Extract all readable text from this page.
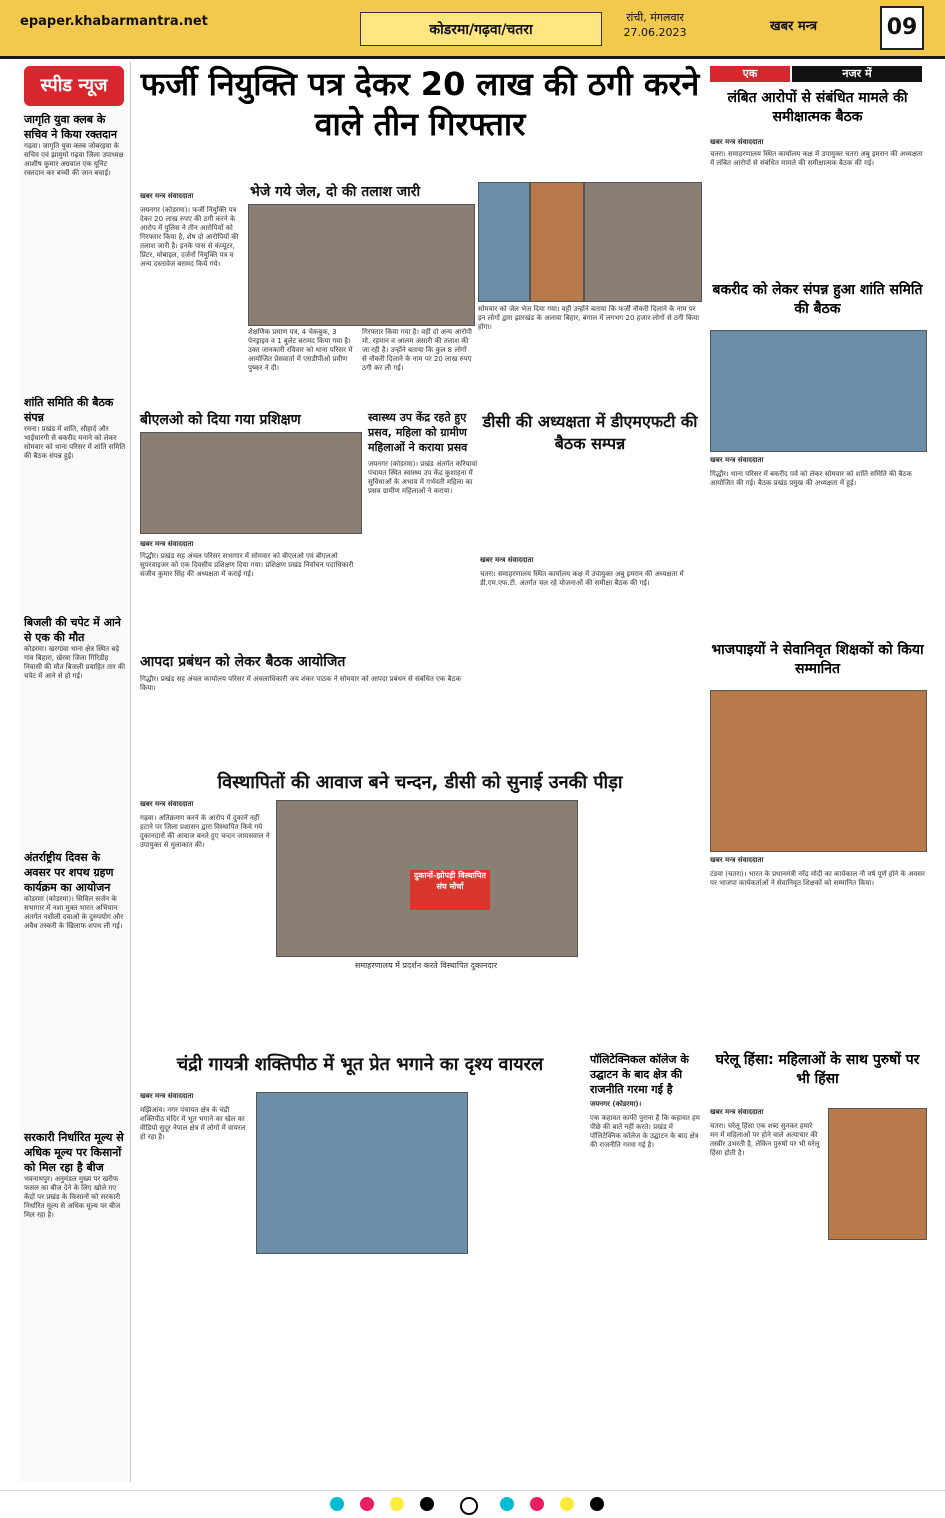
epaper.khabarmantra.net	कोडरमा/गढ़वा/चतरा
रांची, मंगलवार
27.06.2023	खबर मन्त्र	09
स्पीड न्यूज
जागृति युवा क्लब के सचिव ने किया रक्तदान
गढ़वा। जागृति युवा क्लब जोबरइया के सचिव एवं झामुमो गढ़वा जिला उपाध्यक्ष आशीष कुमार अग्रवाल एक यूनिट रक्तदान कर बच्ची की जान बचाई।
शांति समिति की बैठक संपन्न
रमना। प्रखंड में शांति, सौहार्द और भाईचारगी से बकरीद मनाने को लेकर सोमवार को थाना परिसर में शांति समिति की बैठक संपन्न हुई।
बिजली की चपेट में आने से एक की मौत
कोडरमा। खरगांवा थाना क्षेत्र स्थित बड़े गांव बिहारा, खेरवा जिला गिरिडीह निवासी की मौत बिजली प्रवाहित तार की चपेट में आने से हो गई।
अंतर्राष्ट्रीय दिवस के अवसर पर शपथ ग्रहण कार्यक्रम का आयोजन
कोडरमा (कोडरमा)। सिविल सर्जन के सभागार में नशा मुक्त भारत अभियान अंतर्गत नशीली दवाओं के दुरुपयोग और अवैध तस्करी के खिलाफ शपथ ली गई।
सरकारी निर्धारित मूल्य से अधिक मूल्य पर किसानों को मिल रहा है बीज
भवनाथपुर। अनुमंडल मुख्य पर खरीफ फसल का बीज देने के लिए खोले गए केंद्रों पर प्रखंड के किसानों को सरकारी निर्धारित मूल्य से अधिक मूल्य पर बीज मिल रहा है।
फर्जी नियुक्ति पत्र देकर 20 लाख की ठगी करने वाले तीन गिरफ्तार
भेजे गये जेल, दो की तलाश जारी
खबर मन्त्र संवाददाता
जयनगर (कोडरमा)। फर्जी नियुक्ति पत्र देकर 20 लाख रुपए की ठगी करने के आरोप में पुलिस ने तीन आरोपियों को गिरफ्तार किया है, शेष दो आरोपियों की तलाश जारी है। इनके पास से कंप्यूटर, प्रिंटर, मोबाइल, दर्जनों नियुक्ति पत्र व अन्य दस्तावेज बरामद किये गये।
शैक्षणिक प्रमाण पत्र, 4 चेकबुक, 3 पेनड्राइव व 1 बुलेट बरामद किया गया है। उक्त जानकारी रविवार को थाना परिसर में आयोजित प्रेसवार्ता में एसडीपीओ प्रवीण पुष्कर ने दी।
गिरफ्तार किया गया है। वहीं दो अन्य आरोपी मो. रहमान व आलम अंसारी की तलाश की जा रही है। उन्होंने बताया कि कुल 8 लोगों से नौकरी दिलाने के नाम पर 20 लाख रुपए ठगी कर ली गई।
सोमवार को जेल भेज दिया गया। वहीं उन्होंने बताया कि फर्जी नौकरी दिलाने के नाम पर इन लोगों द्वारा झारखंड के अलावा बिहार, बंगाल में लगभग 20 हजार लोगों से ठगी किया होगा।
बीएलओ को दिया गया प्रशिक्षण
खबर मन्त्र संवाददाता
गिद्धौर। प्रखंड सह अंचल परिसर सभागार में सोमवार को बीएलओ एवं बीएलओ सुपरवाइजर को एक दिवसीय प्रशिक्षण दिया गया। प्रशिक्षण प्रखंड निर्वाचन पदाधिकारी संजीव कुमार सिंह की अध्यक्षता में कराई गई।
आपदा प्रबंधन को लेकर बैठक आयोजित
गिद्धौर। प्रखंड सह अंचल कार्यालय परिसर में अंचलाधिकारी जय शंकर पाठक ने सोमवार को आपदा प्रबंधन से संबंधित एक बैठक किया।
स्वास्थ्य उप केंद्र रहते हुए प्रसव, महिला को ग्रामीण महिलाओं ने कराया प्रसव
जयनगर (कोडरमा)। प्रखंड अंतर्गत करियावां पंचायत स्थित स्वास्थ्य उप केंद्र कुशाहना में सुविधाओं के अभाव में गर्भवती महिला का प्रसव ग्रामीण महिलाओं ने कराया।
डीसी की अध्यक्षता में डीएमएफटी की बैठक सम्पन्न
खबर मन्त्र संवाददाता
चतरा। समाहरणालय स्थित कार्यालय कक्ष में उपायुक्त अबु इमरान की अध्यक्षता में डी.एम.एफ.टी. अंतर्गत चल रहे योजनाओं की समीक्षा बैठक की गई।
एक	नजर में
लंबित आरोपों से संबंधित मामले की समीक्षात्मक बैठक
खबर मन्त्र संवाददाता
चतरा। समाहरणालय स्थित कार्यालय कक्ष में उपायुक्त चतरा अबु इमरान की अध्यक्षता में लंबित आरोपों से संबंधित मामले की समीक्षात्मक बैठक की गई।
बकरीद को लेकर संपन्न हुआ शांति समिति की बैठक
खबर मन्त्र संवाददाता
गिद्धौर। थाना परिसर में बकरीद पर्व को लेकर सोमवार को शांति समिति की बैठक आयोजित की गई। बैठक प्रखंड प्रमुख की अध्यक्षता में हुई।
भाजपाइयों ने सेवानिवृत शिक्षकों को किया सम्मानित
खबर मन्त्र संवाददाता
टंडवा (चतरा)। भारत के प्रधानमंत्री नरेंद्र मोदी का कार्यकाल नौ वर्ष पूर्ण होने के अवसर पर भाजपा कार्यकर्ताओं ने सेवानिवृत शिक्षकों को सम्मानित किया।
विस्थापितों की आवाज बने चन्दन, डीसी को सुनाई उनकी पीड़ा
खबर मन्त्र संवाददाता
गढ़वा। अतिक्रमण करने के आरोप में दुकानें नहीं हटाने पर जिला प्रशासन द्वारा विस्थापित किये गये दुकानदारों की आवाज बनते हुए चन्दन जायसवाल ने उपायुक्त से मुलाकात की।
दुकानों-झोपड़ी विस्थापित संघ मोर्चा
समाहरणालय में प्रदर्शन करते विस्थापित दुकानदार
चंद्री गायत्री शक्तिपीठ में भूत प्रेत भगाने का दृश्य वायरल
खबर मन्त्र संवाददाता
मझिआंव। नगर पंचायत क्षेत्र के चंद्री शक्तिपीठ मंदिर में भूत भगाने का खेल का वीडियो सुदूर नेपाल क्षेत्र में लोगों में वायरल हो रहा है।
पॉलिटेक्निकल कॉलेज के उद्घाटन के बाद क्षेत्र की राजनीति गरमा गई है
जयनगर (कोडरमा)।
एक कहावत काफी पुराना है कि कहावत हम पीछे की बातें नहीं करते। प्रखंड में पॉलिटेक्निक कॉलेज के उद्घाटन के बाद क्षेत्र की राजनीति गरमा गई है।
घरेलू हिंसा: महिलाओं के साथ पुरुषों पर भी हिंसा
खबर मन्त्र संवाददाता
चतरा। घरेलू हिंसा एक शब्द सुनकर हमारे मन में महिलाओं पर होने वाले अत्याचार की तस्वीर उभरती है, लेकिन पुरुषों पर भी घरेलू हिंसा होती है।
